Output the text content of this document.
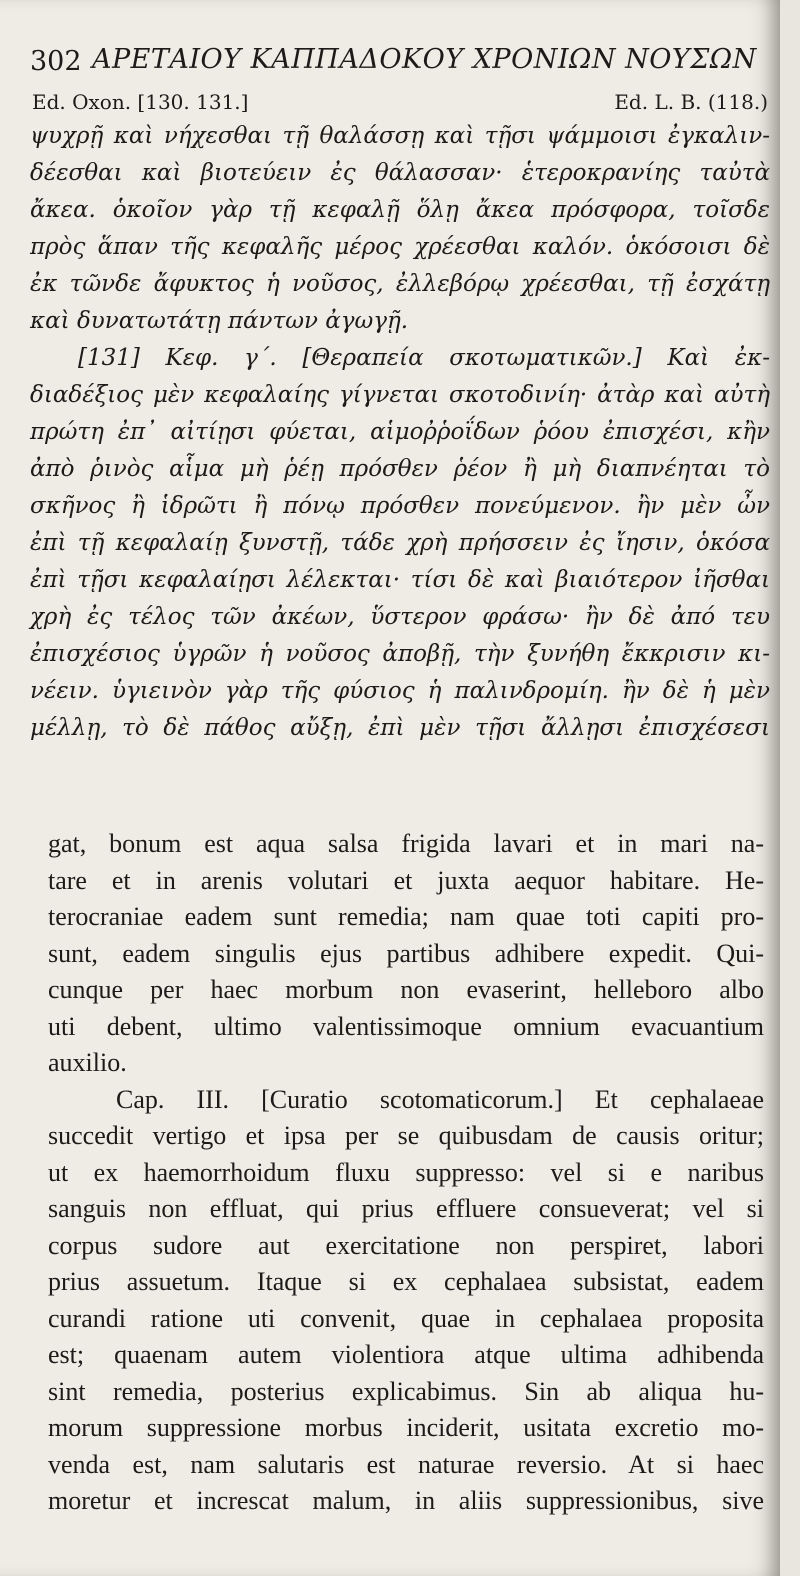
302 ΑΡΕΤΑΙΟΥ ΚΑΠΠΑΔΟΚΟΥ ΧΡΟΝΙΩΝ ΝΟΥΣΩΝ
Ed. Oxon. [130. 131.]	Ed. L. B. (118.)
ψυχρῇ καὶ νήχεσθαι τῇ θαλάσσῃ καὶ τῇσι ψάμμοισι ἐγκαλιν-
δέεσθαι καὶ βιοτεύειν ἐς θάλασσαν· ἑτεροκρανίης ταὐτὰ
ἄκεα. ὁκοῖον γὰρ τῇ κεφαλῇ ὅλῃ ἄκεα πρόσφορα, τοῖσδε
πρὸς ἅπαν τῆς κεφαλῆς μέρος χρέεσθαι καλόν. ὁκόσοισι δὲ
ἐκ τῶνδε ἄφυκτος ἡ νοῦσος, ἐλλεβόρῳ χρέεσθαι, τῇ ἐσχάτῃ
καὶ δυνατωτάτῃ πάντων ἀγωγῇ.
[131] Κεφ. γ΄. [Θεραπεία σκοτωματικῶν.] Καὶ ἐκ-
διαδέξιος μὲν κεφαλαίης γίγνεται σκοτοδινίη· ἀτὰρ καὶ αὐτὴ
πρώτη ἐπ᾽ αἰτίῃσι φύεται, αἱμοῤῥοΐδων ῥόου ἐπισχέσι, κἢν
ἀπὸ ῥινὸς αἷμα μὴ ῥέῃ πρόσθεν ῥέον ἢ μὴ διαπνέηται τὸ
σκῆνος ἢ ἱδρῶτι ἢ πόνῳ πρόσθεν πονεύμενον. ἢν μὲν ὦν
ἐπὶ τῇ κεφαλαίῃ ξυνστῇ, τάδε χρὴ πρήσσειν ἐς ἴησιν, ὁκόσα
ἐπὶ τῇσι κεφαλαίῃσι λέλεκται· τίσι δὲ καὶ βιαιότερον ἰῆσθαι
χρὴ ἐς τέλος τῶν ἀκέων, ὕστερον φράσω· ἢν δὲ ἀπό τευ
ἐπισχέσιος ὑγρῶν ἡ νοῦσος ἀποβῇ, τὴν ξυνήθη ἔκκρισιν κι-
νέειν. ὑγιεινὸν γὰρ τῆς φύσιος ἡ παλινδρομίη. ἢν δὲ ἡ μὲν
μέλλῃ, τὸ δὲ πάθος αὔξῃ, ἐπὶ μὲν τῇσι ἄλλῃσι ἐπισχέσεσι
gat, bonum est aqua salsa frigida lavari et in mari na-
tare et in arenis volutari et juxta aequor habitare. He-
terocraniae eadem sunt remedia; nam quae toti capiti pro-
sunt, eadem singulis ejus partibus adhibere expedit. Qui-
cunque per haec morbum non evaserint, helleboro albo
uti debent, ultimo valentissimoque omnium evacuantium
auxilio.
Cap. III. [Curatio scotomaticorum.] Et cephalaeae
succedit vertigo et ipsa per se quibusdam de causis oritur;
ut ex haemorrhoidum fluxu suppresso: vel si e naribus
sanguis non effluat, qui prius effluere consueverat; vel si
corpus sudore aut exercitatione non perspiret, labori
prius assuetum. Itaque si ex cephalaea subsistat, eadem
curandi ratione uti convenit, quae in cephalaea proposita
est; quaenam autem violentiora atque ultima adhibenda
sint remedia, posterius explicabimus. Sin ab aliqua hu-
morum suppressione morbus inciderit, usitata excretio mo-
venda est, nam salutaris est naturae reversio. At si haec
moretur et increscat malum, in aliis suppressionibus, sive
